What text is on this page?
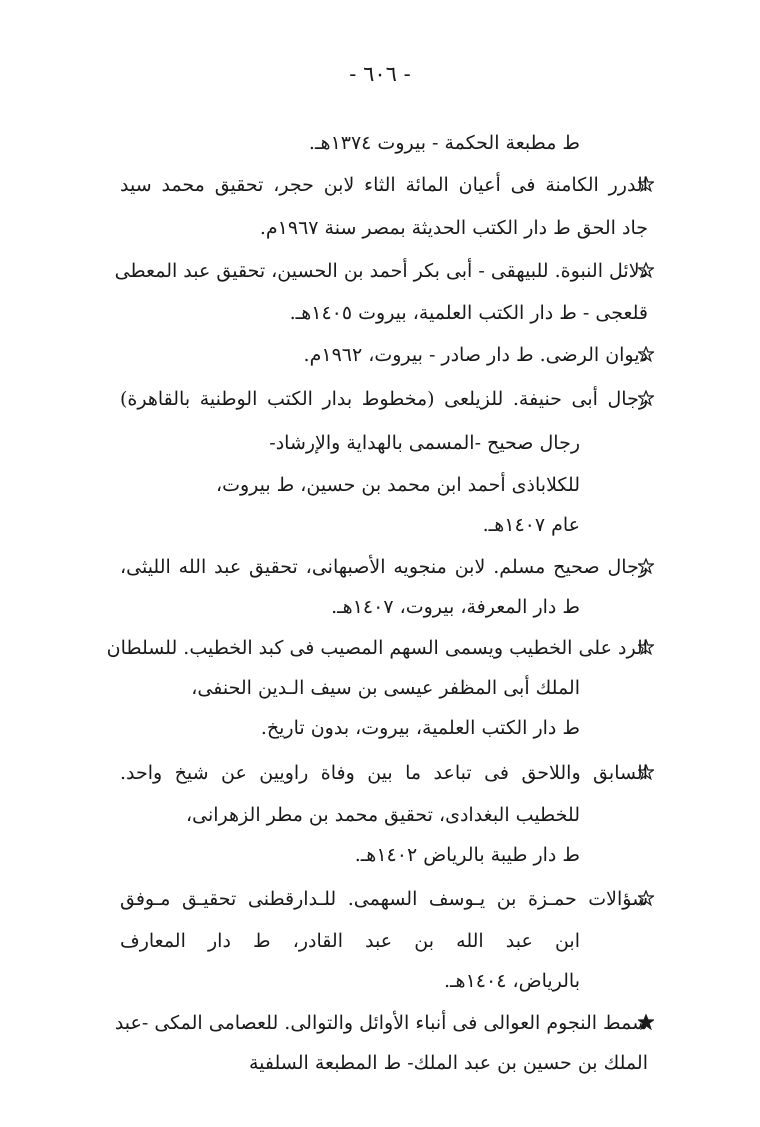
- ٦٠٦ -
ط مطبعة الحكمة - بيروت ١٣٧٤هـ.
الدرر الكامنة فى أعيان المائة الثاء لابن حجر، تحقيق محمد سيد
جاد الحق ط دار الكتب الحديثة بمصر سنة ١٩٦٧م.
دلائل النبوة. للبيهقى - أبى بكر أحمد بن الحسين، تحقيق عبد المعطى
قلعجى - ط دار الكتب العلمية، بيروت ١٤٠٥هـ.
ديوان الرضى. ط دار صادر - بيروت، ١٩٦٢م.
رجال أبى حنيفة. للزيلعى (مخطوط بدار الكتب الوطنية بالقاهرة)
رجال صحيح -المسمى بالهداية والإرشاد-
للكلاباذى أحمد ابن محمد بن حسين، ط بيروت،
عام ١٤٠٧هـ.
رجال صحيح مسلم. لابن منجويه الأصبهانى، تحقيق عبد الله الليثى،
ط دار المعرفة، بيروت، ١٤٠٧هـ.
الرد على الخطيب ويسمى السهم المصيب فى كبد الخطيب. للسلطان
الملك أبى المظفر عيسى بن سيف الـدين الحنفى،
ط دار الكتب العلمية، بيروت، بدون تاريخ.
السابق واللاحق فى تباعد ما بين وفاة راويين عن شيخ واحد.
للخطيب البغدادى، تحقيق محمد بن مطر الزهرانى،
ط دار طيبة بالرياض ١٤٠٢هـ.
سؤالات حمـزة بن يـوسف السهمى. للـدارقطنى تحقيـق مـوفق
ابن عبد الله بن عبد القادر، ط دار المعارف
بالرياض، ١٤٠٤هـ.
سمط النجوم العوالى فى أنباء الأوائل والتوالى. للعصامى المكى -عبد
الملك بن حسين بن عبد الملك- ط المطبعة السلفية
